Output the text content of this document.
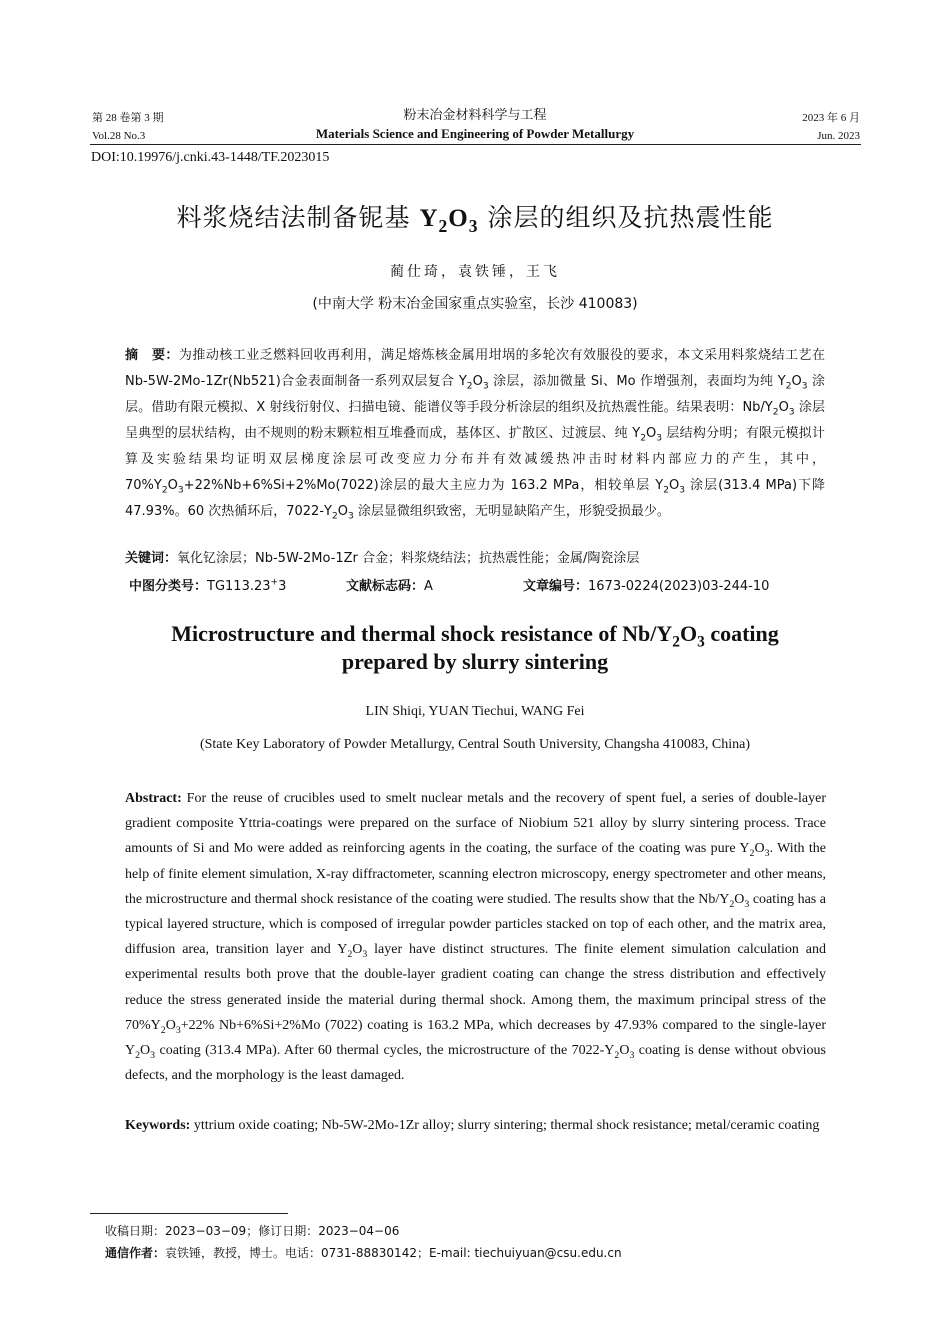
第 28 卷第 3 期	粉末冶金材料科学与工程	2023 年 6 月
Vol.28 No.3	Materials Science and Engineering of Powder Metallurgy	Jun. 2023
DOI:10.19976/j.cnki.43-1448/TF.2023015
料浆烧结法制备铌基 $Y_2O_3$ 涂层的组织及抗热震性能
蔺仕琦，袁铁锤，王飞
(中南大学 粉末冶金国家重点实验室，长沙 410083)
摘　要：为推动核工业乏燃料回收再利用，满足熔炼核金属用坩埚的多轮次有效服役的要求，本文采用料浆烧结工艺在 Nb-5W-2Mo-1Zr(Nb521)合金表面制备一系列双层复合 $Y_2O_3$ 涂层，添加微量 Si、Mo 作增强剂，表面均为纯 $Y_2O_3$ 涂层。借助有限元模拟、X 射线衍射仪、扫描电镜、能谱仪等手段分析涂层的组织及抗热震性能。结果表明：$Nb/Y_2O_3$ 涂层呈典型的层状结构，由不规则的粉末颗粒相互堆叠而成，基体区、扩散区、过渡层、纯 $Y_2O_3$ 层结构分明；有限元模拟计算及实验结果均证明双层梯度涂层可改变应力分布并有效减缓热冲击时材料内部应力的产生，其中，$70\%Y_2O_3+22\%Nb+6\%Si+2\%Mo(7022)$涂层的最大主应力为 163.2 MPa，相较单层 $Y_2O_3$ 涂层(313.4 MPa)下降 47.93%。60 次热循环后，$7022-Y_2O_3$ 涂层显微组织致密，无明显缺陷产生，形貌受损最少。
关键词：氧化钇涂层；Nb-5W-2Mo-1Zr 合金；料浆烧结法；抗热震性能；金属/陶瓷涂层
中图分类号：TG113.23+3	文献标志码：A	文章编号：1673-0224(2023)03-244-10
Microstructure and thermal shock resistance of $Nb/Y_2O_3$ coating
prepared by slurry sintering
LIN Shiqi, YUAN Tiechui, WANG Fei
(State Key Laboratory of Powder Metallurgy, Central South University, Changsha 410083, China)
Abstract: For the reuse of crucibles used to smelt nuclear metals and the recovery of spent fuel, a series of double-layer gradient composite Yttria-coatings were prepared on the surface of Niobium 521 alloy by slurry sintering process. Trace amounts of Si and Mo were added as reinforcing agents in the coating, the surface of the coating was pure $Y_2O_3$. With the help of finite element simulation, X-ray diffractometer, scanning electron microscopy, energy spectrometer and other means, the microstructure and thermal shock resistance of the coating were studied. The results show that the $Nb/Y_2O_3$ coating has a typical layered structure, which is composed of irregular powder particles stacked on top of each other, and the matrix area, diffusion area, transition layer and $Y_2O_3$ layer have distinct structures. The finite element simulation calculation and experimental results both prove that the double-layer gradient coating can change the stress distribution and effectively reduce the stress generated inside the material during thermal shock. Among them, the maximum principal stress of the $70\%Y_2O_3+22\%$ Nb+6%Si+2%Mo (7022) coating is 163.2 MPa, which decreases by 47.93% compared to the single-layer $Y_2O_3$ coating (313.4 MPa). After 60 thermal cycles, the microstructure of the $7022-Y_2O_3$ coating is dense without obvious defects, and the morphology is the least damaged.
Keywords: yttrium oxide coating; Nb-5W-2Mo-1Zr alloy; slurry sintering; thermal shock resistance; metal/ceramic coating
收稿日期：2023−03−09；修订日期：2023−04−06
通信作者：袁铁锤，教授，博士。电话：0731-88830142；E-mail: tiechuiyuan@csu.edu.cn
